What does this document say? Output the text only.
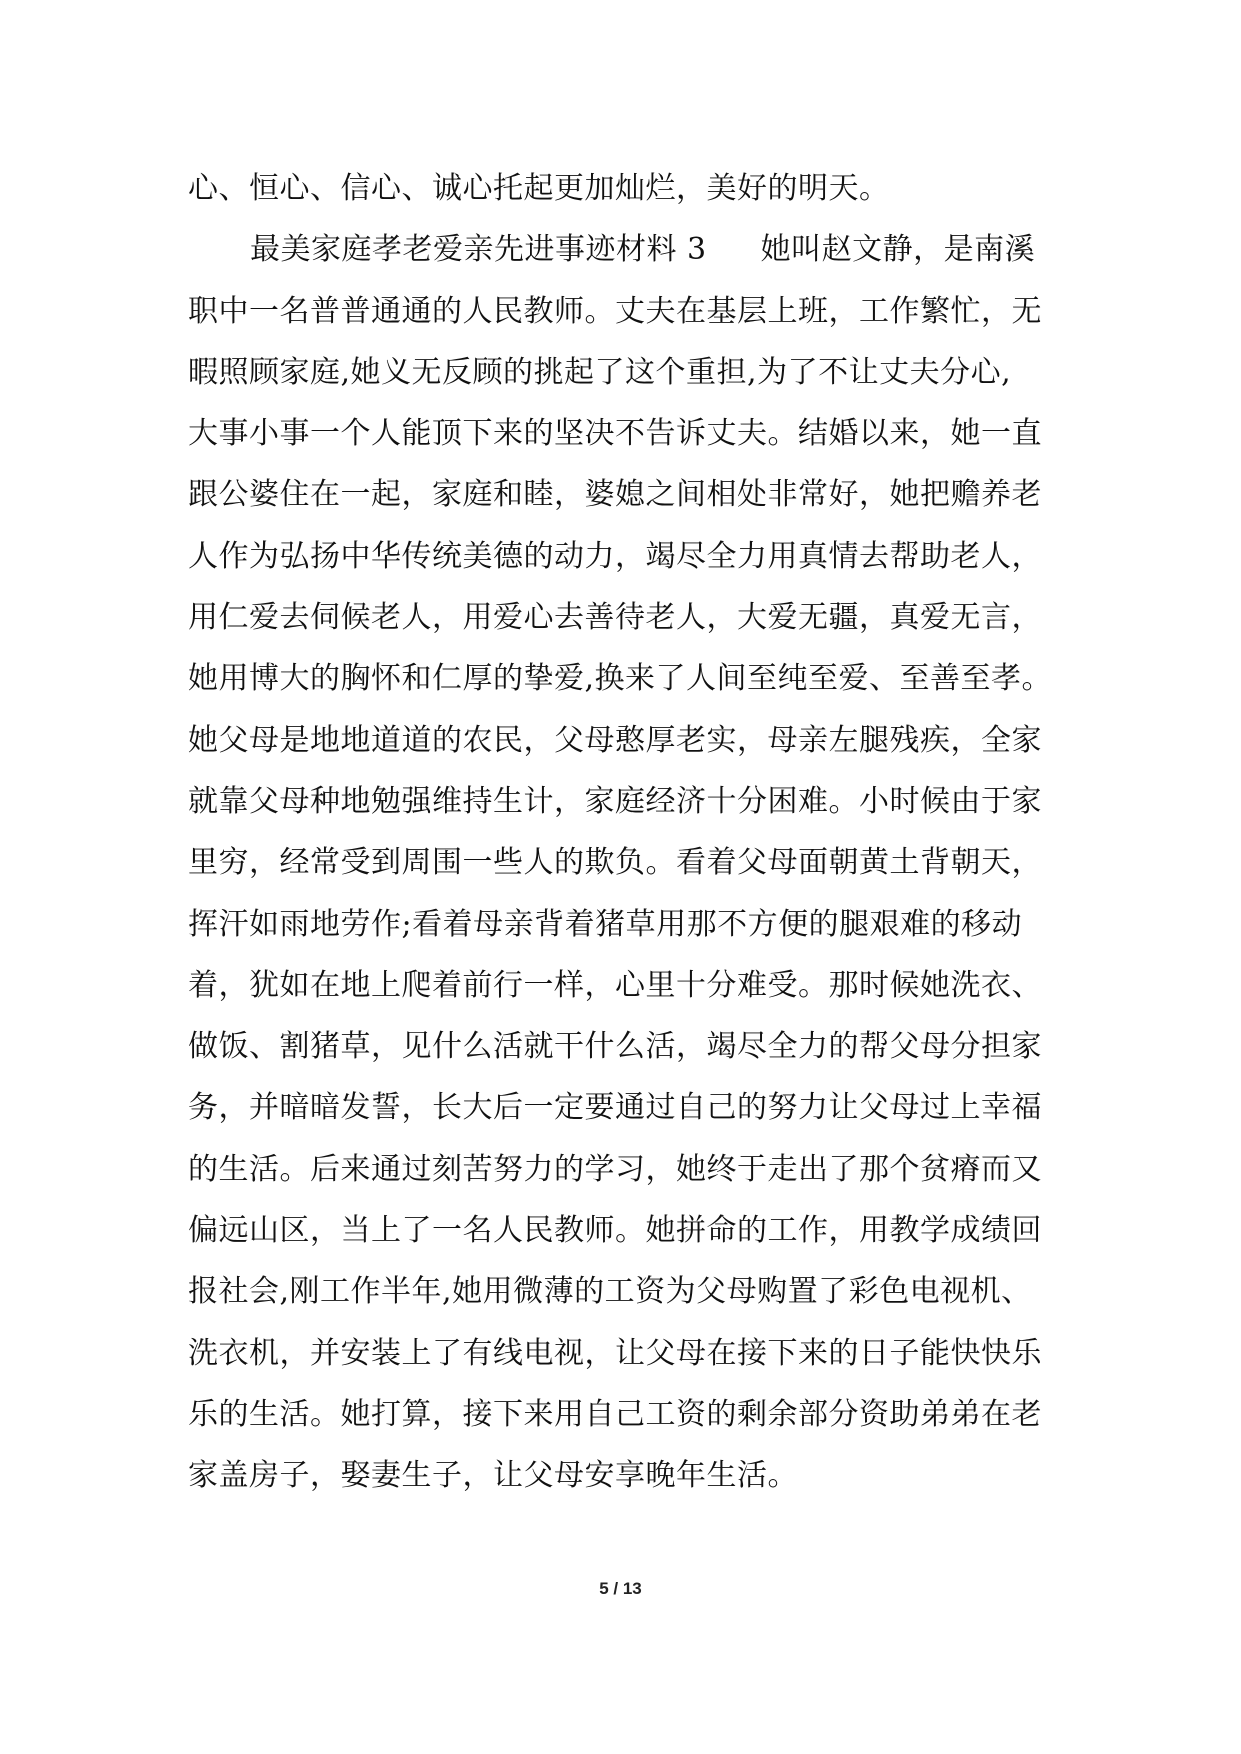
心、恒心、信心、诚心托起更加灿烂，美好的明天。
最美家庭孝老爱亲先进事迹材料 3 她叫赵文静，是南溪
职中一名普普通通的人民教师。丈夫在基层上班，工作繁忙，无
暇照顾家庭,她义无反顾的挑起了这个重担,为了不让丈夫分心,
大事小事一个人能顶下来的坚决不告诉丈夫。结婚以来，她一直
跟公婆住在一起，家庭和睦，婆媳之间相处非常好，她把赡养老
人作为弘扬中华传统美德的动力，竭尽全力用真情去帮助老人，
用仁爱去伺候老人，用爱心去善待老人，大爱无疆，真爱无言，
她用博大的胸怀和仁厚的挚爱,换来了人间至纯至爱、至善至孝。
她父母是地地道道的农民，父母憨厚老实，母亲左腿残疾，全家
就靠父母种地勉强维持生计，家庭经济十分困难。小时候由于家
里穷，经常受到周围一些人的欺负。看着父母面朝黄土背朝天，
挥汗如雨地劳作;看着母亲背着猪草用那不方便的腿艰难的移动
着，犹如在地上爬着前行一样，心里十分难受。那时候她洗衣、
做饭、割猪草，见什么活就干什么活，竭尽全力的帮父母分担家
务，并暗暗发誓，长大后一定要通过自己的努力让父母过上幸福
的生活。后来通过刻苦努力的学习，她终于走出了那个贫瘠而又
偏远山区，当上了一名人民教师。她拼命的工作，用教学成绩回
报社会,刚工作半年,她用微薄的工资为父母购置了彩色电视机、
洗衣机，并安装上了有线电视，让父母在接下来的日子能快快乐
乐的生活。她打算，接下来用自己工资的剩余部分资助弟弟在老
家盖房子，娶妻生子，让父母安享晚年生活。
5 / 13
